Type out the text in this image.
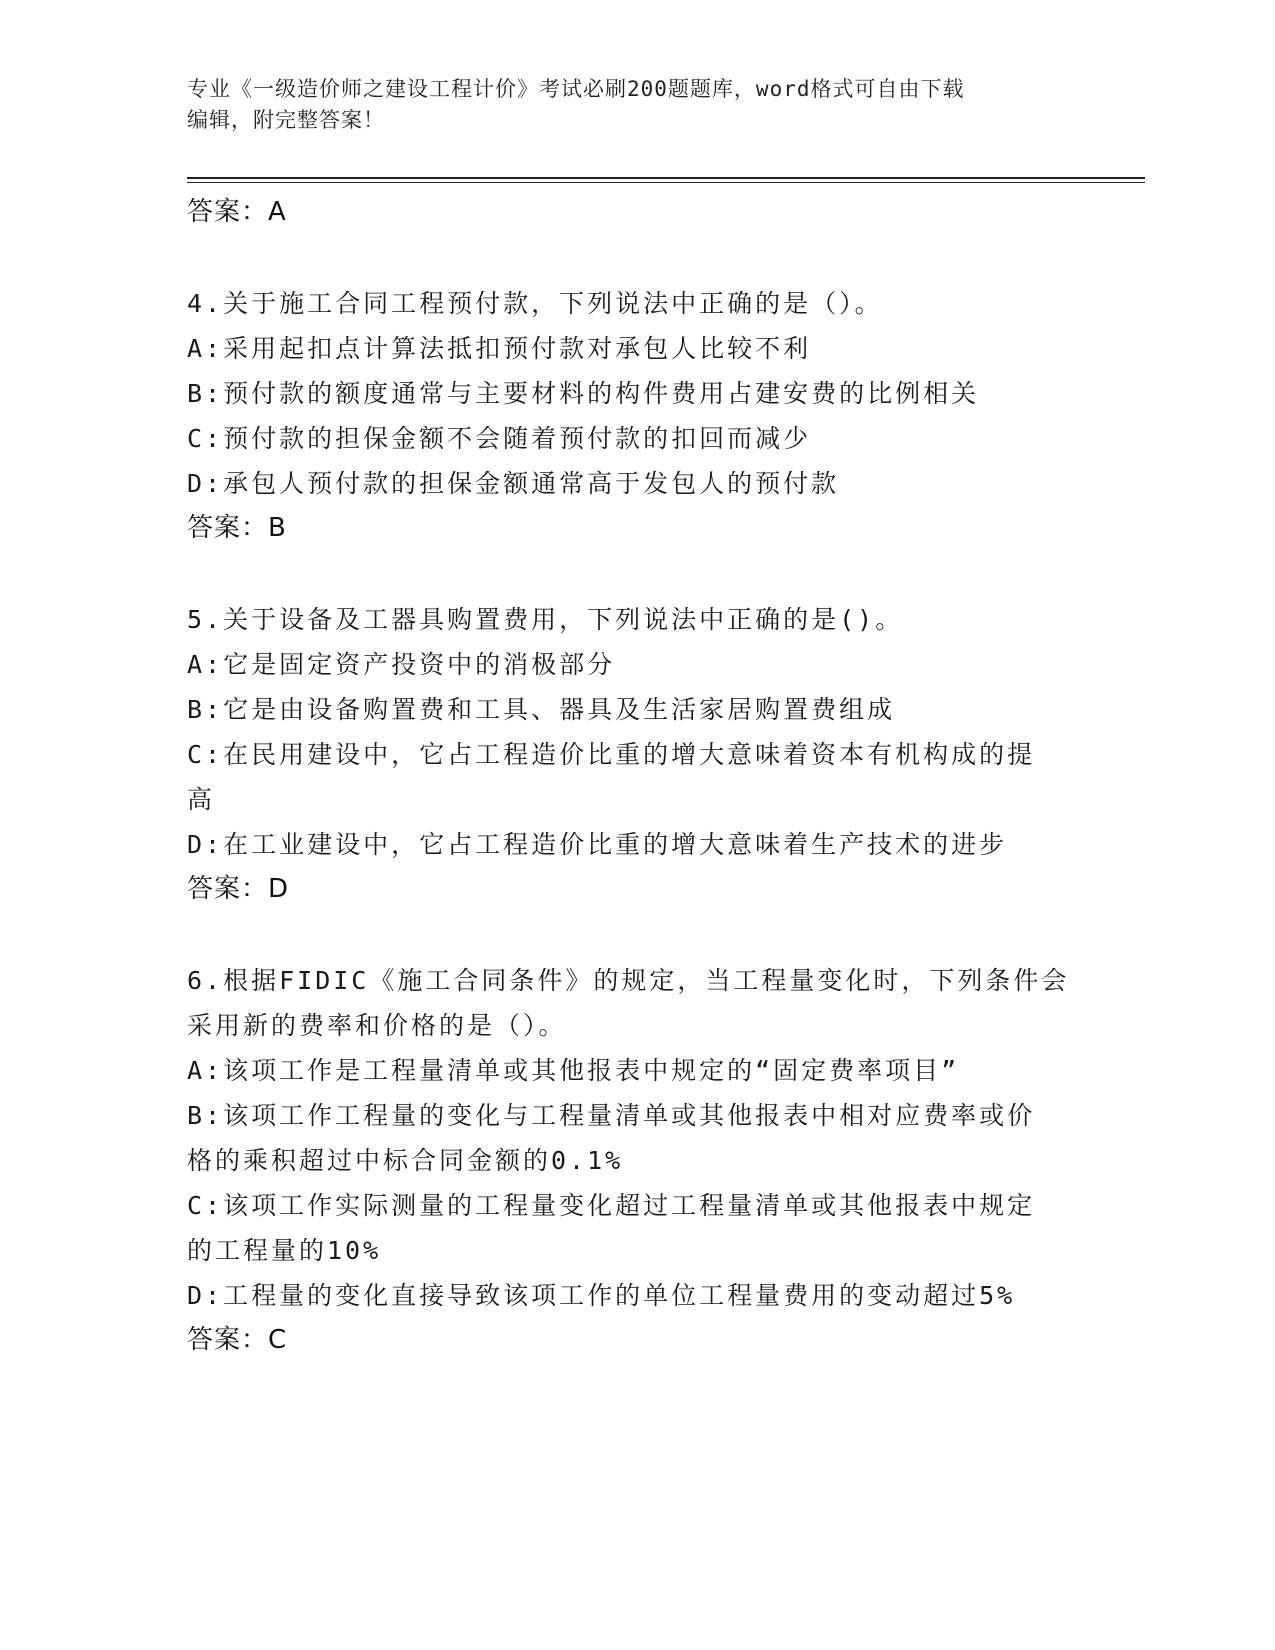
专业《一级造价师之建设工程计价》考试必刷200题题库，word格式可自由下载
编辑，附完整答案！
答案：A
4.关于施工合同工程预付款，下列说法中正确的是（）。
A:采用起扣点计算法抵扣预付款对承包人比较不利
B:预付款的额度通常与主要材料的构件费用占建安费的比例相关
C:预付款的担保金额不会随着预付款的扣回而减少
D:承包人预付款的担保金额通常高于发包人的预付款
答案：B
5.关于设备及工器具购置费用，下列说法中正确的是()。
A:它是固定资产投资中的消极部分
B:它是由设备购置费和工具、器具及生活家居购置费组成
C:在民用建设中，它占工程造价比重的增大意味着资本有机构成的提
高
D:在工业建设中，它占工程造价比重的增大意味着生产技术的进步
答案：D
6.根据FIDIC《施工合同条件》的规定，当工程量变化时，下列条件会
采用新的费率和价格的是（）。
A:该项工作是工程量清单或其他报表中规定的“固定费率项目”
B:该项工作工程量的变化与工程量清单或其他报表中相对应费率或价
格的乘积超过中标合同金额的0.1%
C:该项工作实际测量的工程量变化超过工程量清单或其他报表中规定
的工程量的10%
D:工程量的变化直接导致该项工作的单位工程量费用的变动超过5%
答案：C
